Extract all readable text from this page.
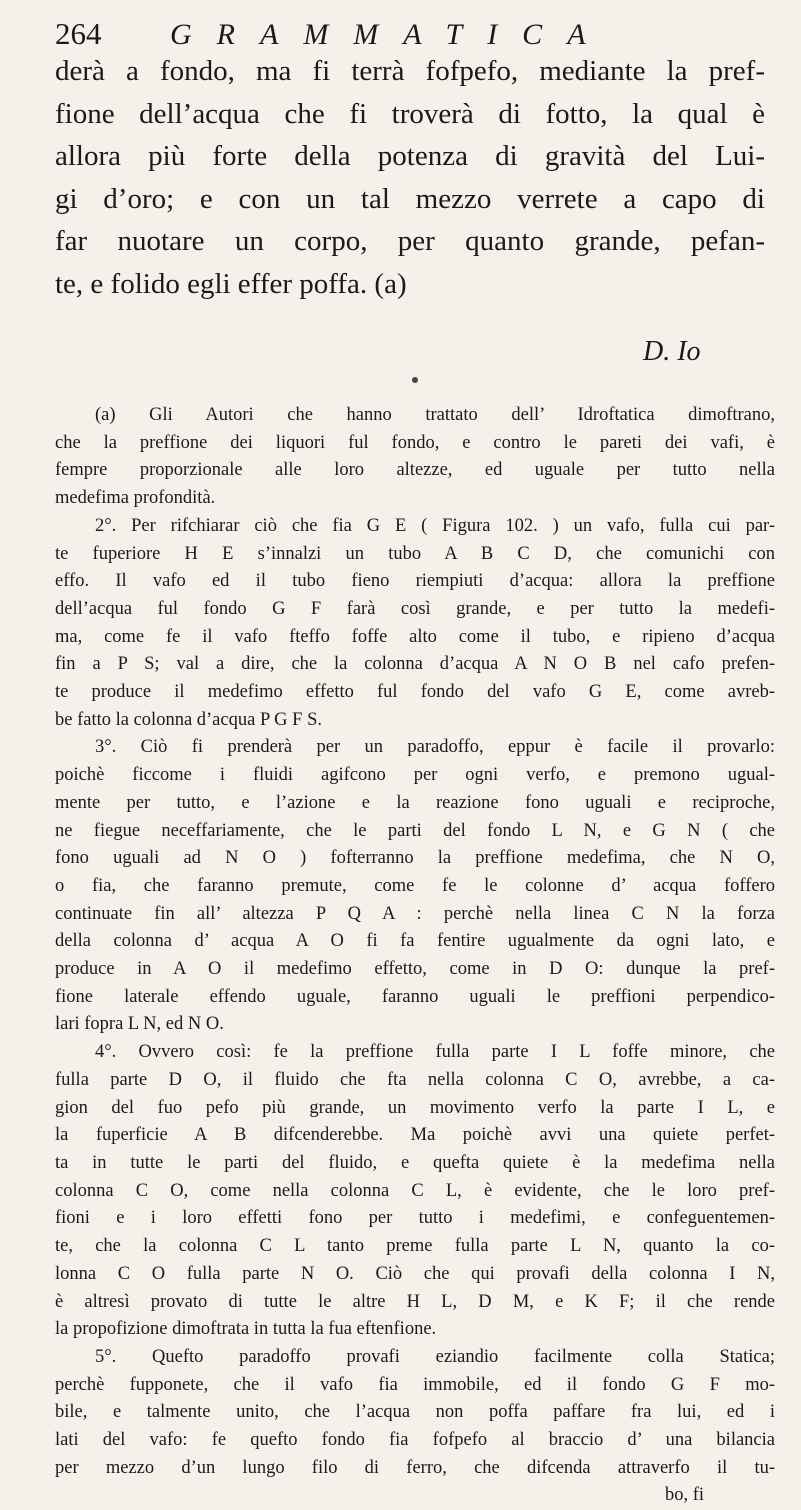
264 GRAMMATICA
derà a fondo, ma fi terrà fofpefo, mediante la pref-
fione dell’acqua che fi troverà di fotto, la qual è
allora più forte della potenza di gravità del Lui-
gi d’oro; e con un tal mezzo verrete a capo di
far nuotare un corpo, per quanto grande, pefan-
te, e folido egli effer poffa. (a)
D. Io
(a) Gli Autori che hanno trattato dell’ Idroftatica dimoftrano,
che la preffione dei liquori ful fondo, e contro le pareti dei vafi, è
fempre proporzionale alle loro altezze, ed uguale per tutto nella
medefima profondità.
2°. Per rifchiarar ciò che fia G E ( Figura 102. ) un vafo, fulla cui par-
te fuperiore H E s’innalzi un tubo A B C D, che comunichi con
effo. Il vafo ed il tubo fieno riempiuti d’acqua: allora la preffione
dell’acqua ful fondo G F farà così grande, e per tutto la medefi-
ma, come fe il vafo fteffo foffe alto come il tubo, e ripieno d’acqua
fin a P S; val a dire, che la colonna d’acqua A N O B nel cafo prefen-
te produce il medefimo effetto ful fondo del vafo G E, come avreb-
be fatto la colonna d’acqua P G F S.
3°. Ciò fi prenderà per un paradoffo, eppur è facile il provarlo:
poichè ficcome i fluidi agifcono per ogni verfo, e premono ugual-
mente per tutto, e l’azione e la reazione fono uguali e reciproche,
ne fiegue neceffariamente, che le parti del fondo L N, e G N ( che
fono uguali ad N O ) fofterranno la preffione medefima, che N O,
o fia, che faranno premute, come fe le colonne d’ acqua foffero
continuate fin all’ altezza P Q A : perchè nella linea C N la forza
della colonna d’ acqua A O fi fa fentire ugualmente da ogni lato, e
produce in A O il medefimo effetto, come in D O: dunque la pref-
fione laterale effendo uguale, faranno uguali le preffioni perpendico-
lari fopra L N, ed N O.
4°. Ovvero così: fe la preffione fulla parte I L foffe minore, che
fulla parte D O, il fluido che fta nella colonna C O, avrebbe, a ca-
gion del fuo pefo più grande, un movimento verfo la parte I L, e
la fuperficie A B difcenderebbe. Ma poichè avvi una quiete perfet-
ta in tutte le parti del fluido, e quefta quiete è la medefima nella
colonna C O, come nella colonna C L, è evidente, che le loro pref-
fioni e i loro effetti fono per tutto i medefimi, e confeguentemen-
te, che la colonna C L tanto preme fulla parte L N, quanto la co-
lonna C O fulla parte N O. Ciò che qui provafi della colonna I N,
è altresì provato di tutte le altre H L, D M, e K F; il che rende
la propofizione dimoftrata in tutta la fua eftenfione.
5°. Quefto paradoffo provafi eziandio facilmente colla Statica;
perchè fupponete, che il vafo fia immobile, ed il fondo G F mo-
bile, e talmente unito, che l’acqua non poffa paffare fra lui, ed i
lati del vafo: fe quefto fondo fia fofpefo al braccio d’ una bilancia
per mezzo d’un lungo filo di ferro, che difcenda attraverfo il tu-
bo, fi
